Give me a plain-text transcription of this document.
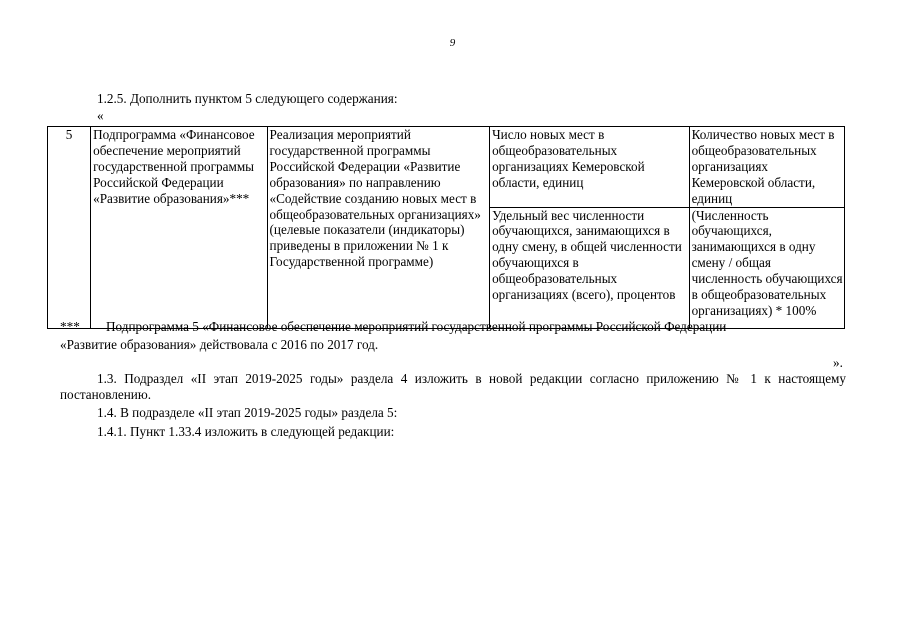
9
1.2.5. Дополнить пунктом 5 следующего содержания:
«
5	Подпрограмма «Финансовое обеспечение мероприятий государственной программы Российской Федерации «Развитие образования»***	Реализация мероприятий государственной программы Российской Федерации «Развитие образования» по направлению «Содействие созданию новых мест в общеобразовательных организациях» (целевые показатели (индикаторы) приведены в приложении № 1 к Государственной программе)	Число новых мест в общеобразовательных организациях Кемеровской области, единиц	Количество новых мест в общеобразовательных организациях Кемеровской области, единиц
			Удельный вес численности обучающихся, занимающихся в одну смену, в общей численности обучающихся в общеобразовательных организациях (всего), процентов	(Численность обучающихся, занимающихся в одну смену / общая численность обучающихся в общеобразовательных организациях) * 100%
*** Подпрограмма 5 «Финансовое обеспечение мероприятий государственной программы Российской Федерации
«Развитие образования» действовала с 2016 по 2017 год.
».
1.3. Подраздел «II этап 2019-2025 годы» раздела 4 изложить в новой редакции согласно приложению № 1 к настоящему постановлению.
1.4. В подразделе «II этап 2019-2025 годы» раздела 5:
1.4.1. Пункт 1.33.4 изложить в следующей редакции:
